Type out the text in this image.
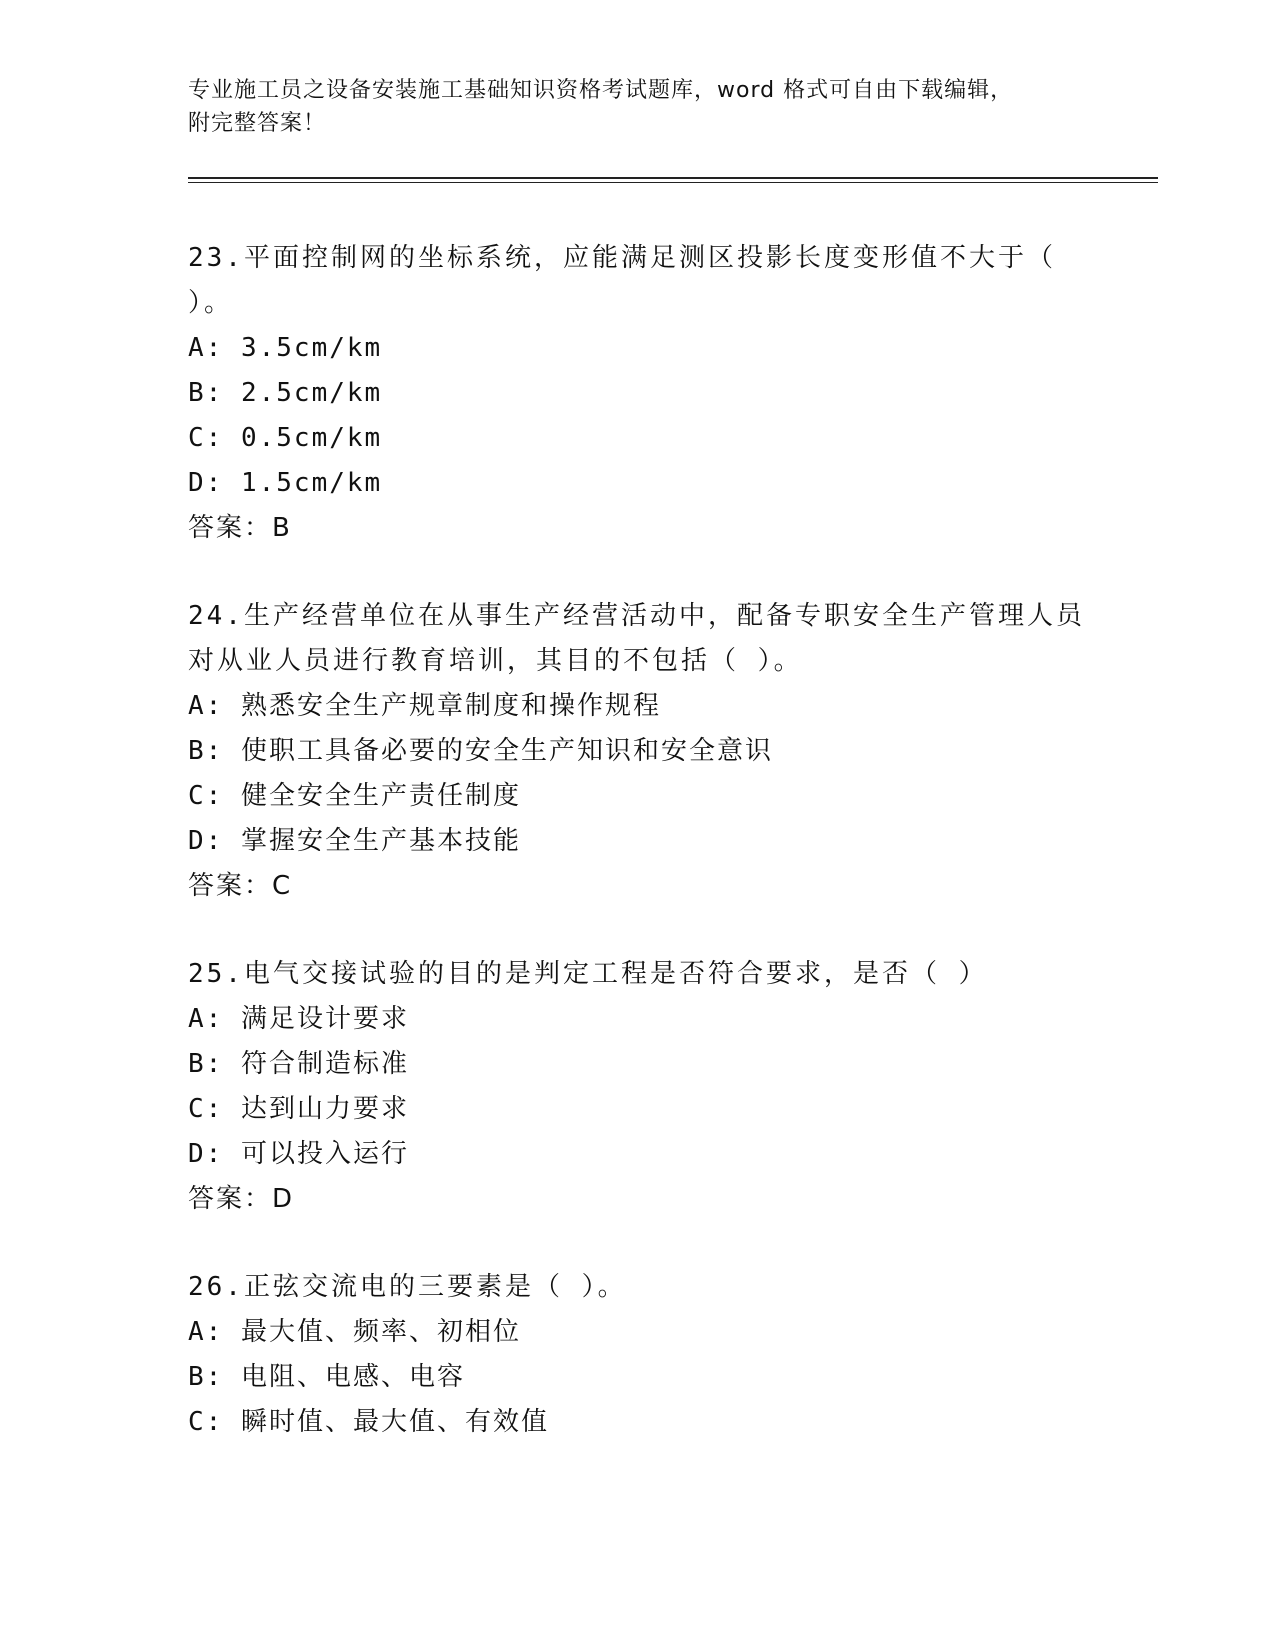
专业施工员之设备安装施工基础知识资格考试题库，word 格式可自由下载编辑，
附完整答案！
23.平面控制网的坐标系统，应能满足测区投影长度变形值不大于（
）。
A: 3.5cm/km
B: 2.5cm/km
C: 0.5cm/km
D: 1.5cm/km
答案：B
24.生产经营单位在从事生产经营活动中，配备专职安全生产管理人员
对从业人员进行教育培训，其目的不包括（ ）。
A: 熟悉安全生产规章制度和操作规程
B: 使职工具备必要的安全生产知识和安全意识
C: 健全安全生产责任制度
D: 掌握安全生产基本技能
答案：C
25.电气交接试验的目的是判定工程是否符合要求，是否（ ）
A: 满足设计要求
B: 符合制造标准
C: 达到山力要求
D: 可以投入运行
答案：D
26.正弦交流电的三要素是（ ）。
A: 最大值、频率、初相位
B: 电阻、电感、电容
C: 瞬时值、最大值、有效值
